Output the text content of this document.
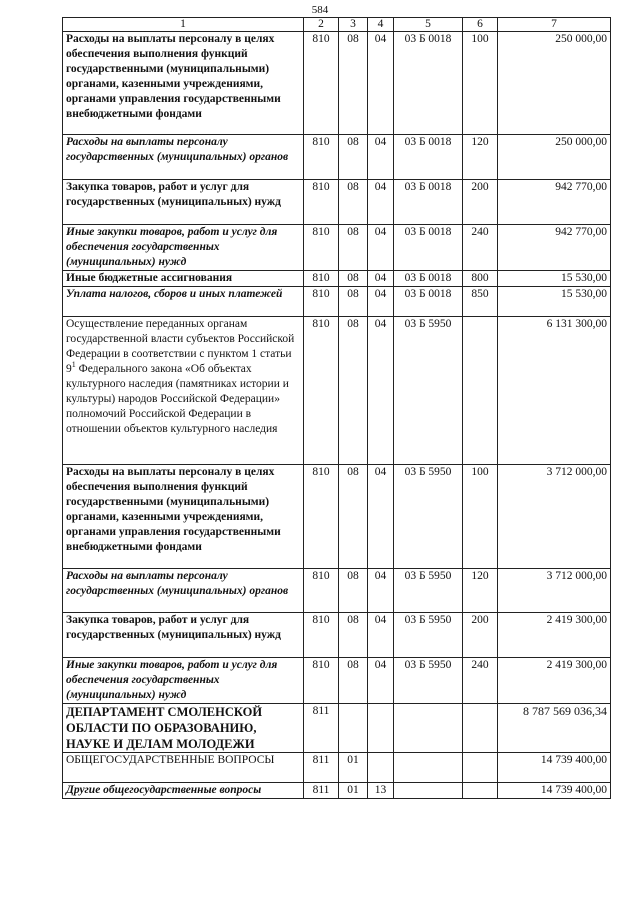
584
1	2	3	4	5	6	7
Расходы на выплаты персоналу в целях обеспечения выполнения функций государственными (муниципальными) органами, казенными учреждениями, органами управления государственными внебюджетными фондами	810	08	04	03 Б 0018	100	250 000,00
Расходы на выплаты персоналу государственных (муниципальных) органов	810	08	04	03 Б 0018	120	250 000,00
Закупка товаров, работ и услуг для государственных (муниципальных) нужд	810	08	04	03 Б 0018	200	942 770,00
Иные закупки товаров, работ и услуг для обеспечения государственных (муниципальных) нужд	810	08	04	03 Б 0018	240	942 770,00
Иные бюджетные ассигнования	810	08	04	03 Б 0018	800	15 530,00
Уплата налогов, сборов и иных платежей	810	08	04	03 Б 0018	850	15 530,00
Осуществление переданных органам государственной власти субъектов Российской Федерации в соответствии с пунктом 1 статьи $9^1$ Федерального закона «Об объектах культурного наследия (памятниках истории и культуры) народов Российской Федерации» полномочий Российской Федерации в отношении объектов культурного наследия	810	08	04	03 Б 5950		6 131 300,00
Расходы на выплаты персоналу в целях обеспечения выполнения функций государственными (муниципальными) органами, казенными учреждениями, органами управления государственными внебюджетными фондами	810	08	04	03 Б 5950	100	3 712 000,00
Расходы на выплаты персоналу государственных (муниципальных) органов	810	08	04	03 Б 5950	120	3 712 000,00
Закупка товаров, работ и услуг для государственных (муниципальных) нужд	810	08	04	03 Б 5950	200	2 419 300,00
Иные закупки товаров, работ и услуг для обеспечения государственных (муниципальных) нужд	810	08	04	03 Б 5950	240	2 419 300,00
ДЕПАРТАМЕНТ СМОЛЕНСКОЙ ОБЛАСТИ ПО ОБРАЗОВАНИЮ, НАУКЕ И ДЕЛАМ МОЛОДЕЖИ	811					8 787 569 036,34
ОБЩЕГОСУДАРСТВЕННЫЕ ВОПРОСЫ	811	01				14 739 400,00
Другие общегосударственные вопросы	811	01	13			14 739 400,00
